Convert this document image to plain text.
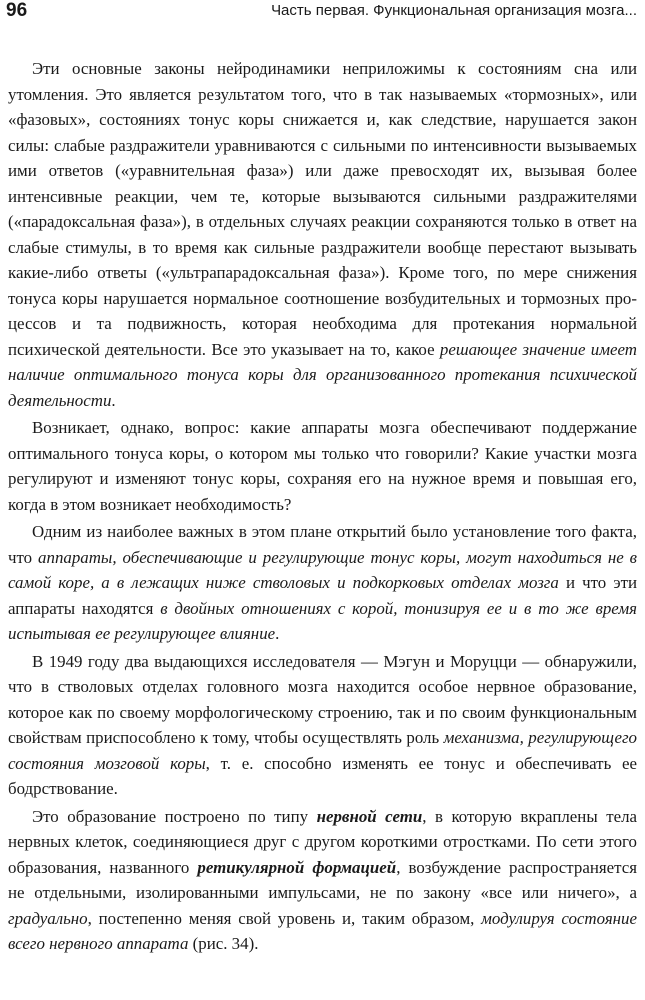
96	Часть первая. Функциональная организация мозга...

Эти основные законы нейродинамики неприложимы к состояниям сна или утомления. Это является результатом того, что в так называемых «тормозных», или «фазовых», состояниях тонус коры снижается и, как следствие, нарушается закон силы: слабые раздражители уравниваются с сильными по интенсивности вызываемых ими ответов («уравнительная фаза») или даже превосходят их, вызывая более интенсивные реакции, чем те, которые вызываются сильными раздражителями («парадоксальная фаза»), в отдельных случаях реакции сохраняются только в ответ на слабые стимулы, в то время как сильные раздражители вообще перестают вызывать какие-либо ответы («ультрапарадоксальная фаза»). Кроме того, по мере снижения тонуса коры нарушается нормальное соотношение возбудительных и тормозных процессов и та подвижность, которая необходима для протекания нормальной психической деятельности. Все это указывает на то, какое решающее значение имеет наличие оптимального тонуса коры для организованного протекания психической деятельности.

Возникает, однако, вопрос: какие аппараты мозга обеспечивают поддержание оптимального тонуса коры, о котором мы только что говорили? Какие участки мозга регулируют и изменяют тонус коры, сохраняя его на нужное время и повышая его, когда в этом возникает необходимость?

Одним из наиболее важных в этом плане открытий было установление того факта, что аппараты, обеспечивающие и регулирующие тонус коры, могут находиться не в самой коре, а в лежащих ниже стволовых и подкорковых отделах мозга и что эти аппараты находятся в двойных отношениях с корой, тонизируя ее и в то же время испытывая ее регулирующее влияние.

В 1949 году два выдающихся исследователя — Мэгун и Моруцци — обнаружили, что в стволовых отделах головного мозга находится особое нервное образование, которое как по своему морфологическому строению, так и по своим функциональным свойствам приспособлено к тому, чтобы осуществлять роль механизма, регулирующего состояния мозговой коры, т. е. способно изменять ее тонус и обеспечивать ее бодрствование.

Это образование построено по типу нервной сети, в которую вкраплены тела нервных клеток, соединяющиеся друг с другом короткими отростками. По сети этого образования, названного ретикулярной формацией, возбуждение распространяется не отдельными, изолированными импульсами, не по закону «все или ничего», а градуально, постепенно меняя свой уровень и, таким образом, модулируя состояние всего нервного аппарата (рис. 34).
